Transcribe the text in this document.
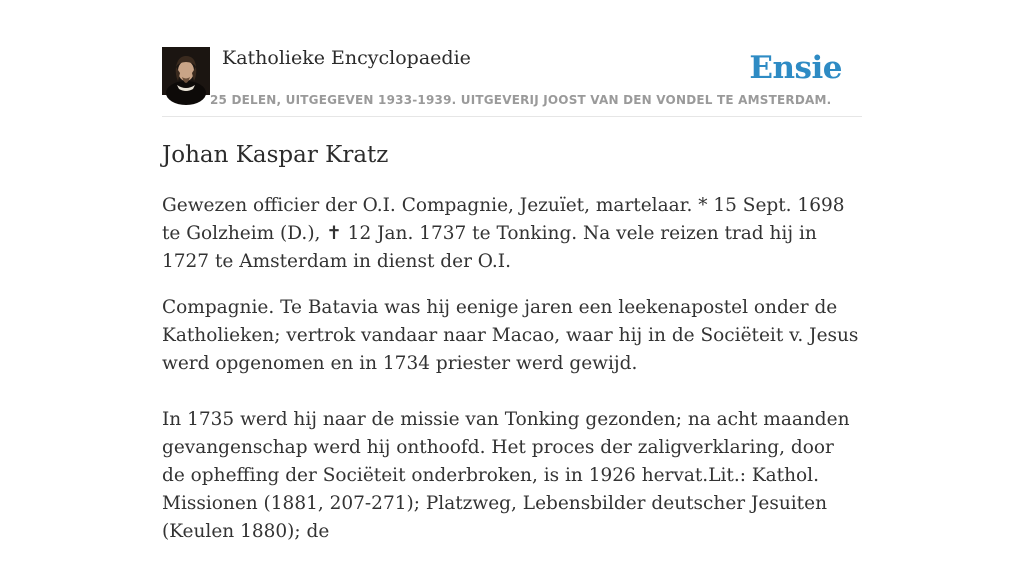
Katholieke Encyclopaedie
25 DELEN, UITGEGEVEN 1933-1939. UITGEVERIJ JOOST VAN DEN VONDEL TE AMSTERDAM.
Ensie
Johan Kaspar Kratz

Gewezen officier der O.I. Compagnie, Jezuïet, martelaar. * 15 Sept. 1698 te Golzheim (D.), ✝ 12 Jan. 1737 te Tonking. Na vele reizen trad hij in 1727 te Amsterdam in dienst der O.I.

Compagnie. Te Batavia was hij eenige jaren een leekenapostel onder de Katholieken; vertrok vandaar naar Macao, waar hij in de Sociëteit v. Jesus werd opgenomen en in 1734 priester werd gewijd.

In 1735 werd hij naar de missie van Tonking gezonden; na acht maanden gevangenschap werd hij onthoofd. Het proces der zaligverklaring, door de opheffing der Sociëteit onderbroken, is in 1926 hervat.Lit.: Kathol. Missionen (1881, 207-271); Platzweg, Lebensbilder deutscher Jesuiten (Keulen 1880); de
